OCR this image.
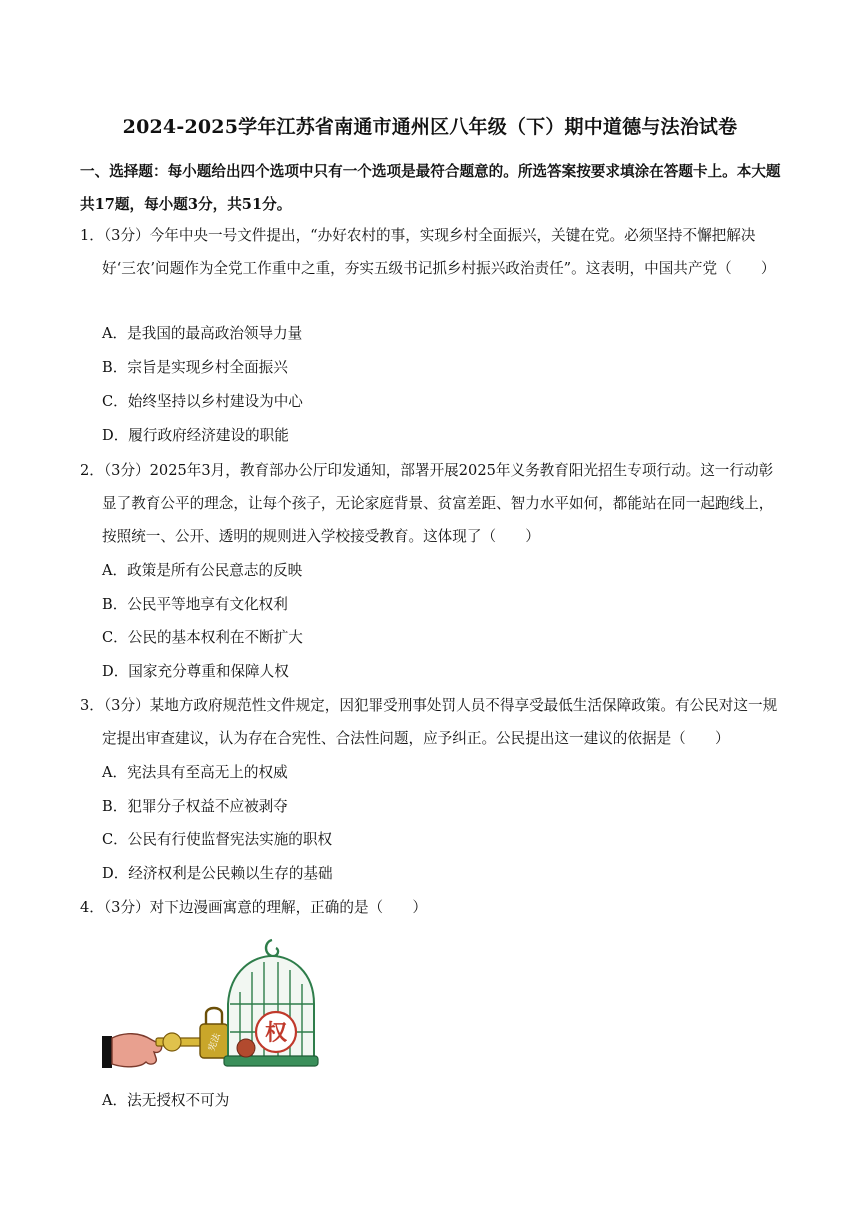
2024-2025学年江苏省南通市通州区八年级（下）期中道德与法治试卷
一、选择题：每小题给出四个选项中只有一个选项是最符合题意的。所选答案按要求填涂在答题卡上。本大题共17题，每小题3分，共51分。
1．（3分）今年中央一号文件提出，“办好农村的事，实现乡村全面振兴，关键在党。必须坚持不懈把解决好‘三农’问题作为全党工作重中之重，夯实五级书记抓乡村振兴政治责任”。这表明，中国共产党（　　）
A．是我国的最高政治领导力量
B．宗旨是实现乡村全面振兴
C．始终坚持以乡村建设为中心
D．履行政府经济建设的职能
2．（3分）2025年3月，教育部办公厅印发通知，部署开展2025年义务教育阳光招生专项行动。这一行动彰显了教育公平的理念，让每个孩子，无论家庭背景、贫富差距、智力水平如何，都能站在同一起跑线上，按照统一、公开、透明的规则进入学校接受教育。这体现了（　　）
A．政策是所有公民意志的反映
B．公民平等地享有文化权利
C．公民的基本权利在不断扩大
D．国家充分尊重和保障人权
3．（3分）某地方政府规范性文件规定，因犯罪受刑事处罚人员不得享受最低生活保障政策。有公民对这一规定提出审查建议，认为存在合宪性、合法性问题，应予纠正。公民提出这一建议的依据是（　　）
A．宪法具有至高无上的权威
B．犯罪分子权益不应被剥夺
C．公民有行使监督宪法实施的职权
D．经济权利是公民赖以生存的基础
4．（3分）对下边漫画寓意的理解，正确的是（　　）
宪法 权
A．法无授权不可为
